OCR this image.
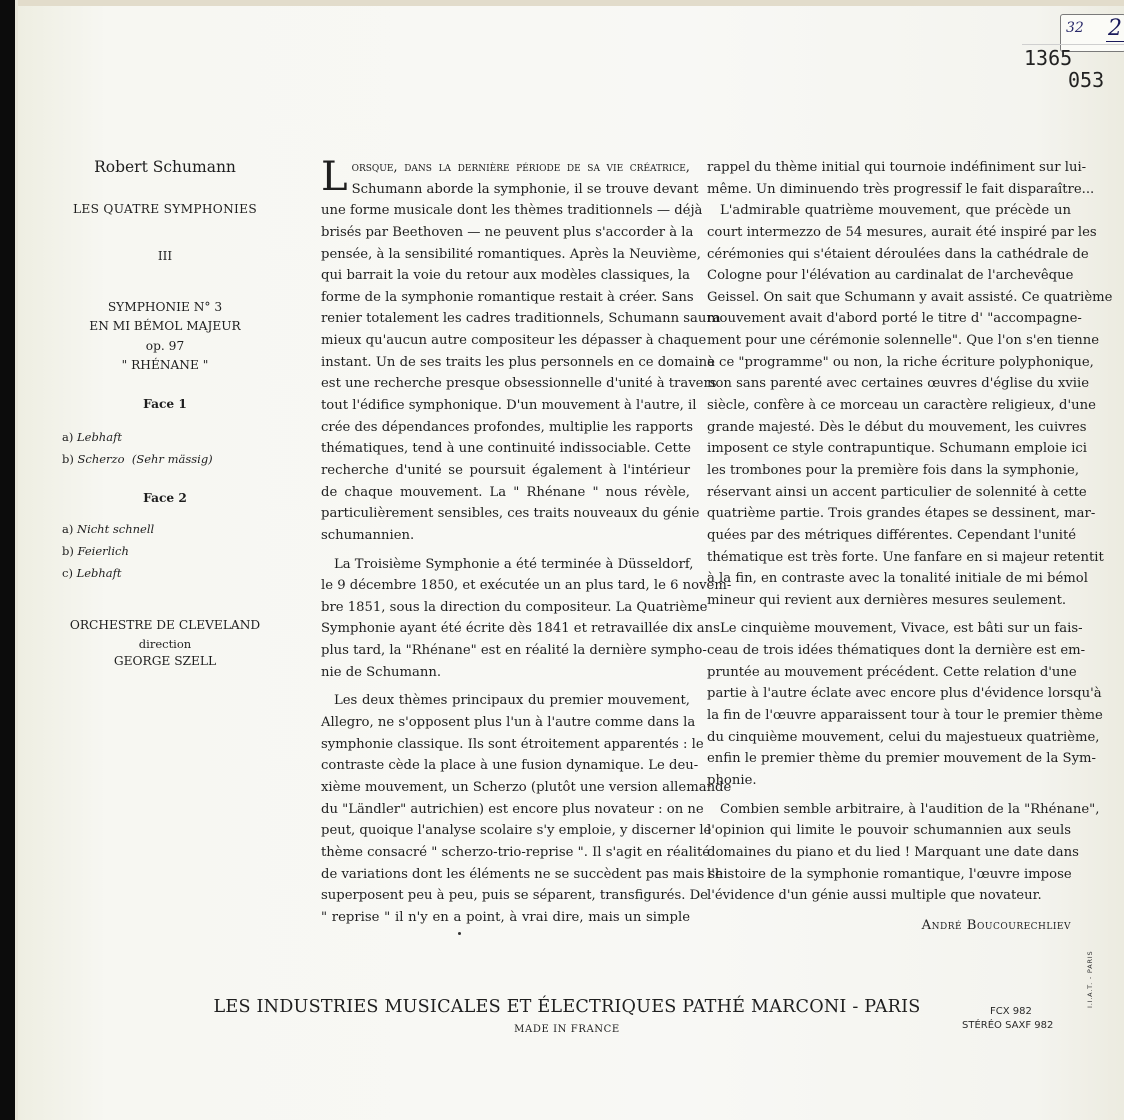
32 2
1365
053
Robert Schumann
LES QUATRE SYMPHONIES
III
SYMPHONIE N° 3
EN MI BÉMOL MAJEUR
op. 97
" RHÉNANE "
Face 1
a) Lebhaft
b) Scherzo (Sehr mässig)
Face 2
a) Nicht schnell
b) Feierlich
c) Lebhaft
ORCHESTRE DE CLEVELAND
direction
GEORGE SZELL
L orsque, dans la dernière période de sa vie créatrice,
Schumann aborde la symphonie, il se trouve devant
une forme musicale dont les thèmes traditionnels — déjà
brisés par Beethoven — ne peuvent plus s'accorder à la
pensée, à la sensibilité romantiques. Après la Neuvième,
qui barrait la voie du retour aux modèles classiques, la
forme de la symphonie romantique restait à créer. Sans
renier totalement les cadres traditionnels, Schumann saura
mieux qu'aucun autre compositeur les dépasser à chaque
instant. Un de ses traits les plus personnels en ce domaine
est une recherche presque obsessionnelle d'unité à travers
tout l'édifice symphonique. D'un mouvement à l'autre, il
crée des dépendances profondes, multiplie les rapports
thématiques, tend à une continuité indissociable. Cette
recherche d'unité se poursuit également à l'intérieur
de chaque mouvement. La " Rhénane " nous révèle,
particulièrement sensibles, ces traits nouveaux du génie
schumannien.
La Troisième Symphonie a été terminée à Düsseldorf,
le 9 décembre 1850, et exécutée un an plus tard, le 6 novem-
bre 1851, sous la direction du compositeur. La Quatrième
Symphonie ayant été écrite dès 1841 et retravaillée dix ans
plus tard, la "Rhénane" est en réalité la dernière sympho-
nie de Schumann.
Les deux thèmes principaux du premier mouvement,
Allegro, ne s'opposent plus l'un à l'autre comme dans la
symphonie classique. Ils sont étroitement apparentés : le
contraste cède la place à une fusion dynamique. Le deu-
xième mouvement, un Scherzo (plutôt une version allemande
du "Ländler" autrichien) est encore plus novateur : on ne
peut, quoique l'analyse scolaire s'y emploie, y discerner le
thème consacré " scherzo-trio-reprise ". Il s'agit en réalité
de variations dont les éléments ne se succèdent pas mais se
superposent peu à peu, puis se séparent, transfigurés. De
" reprise " il n'y en a point, à vrai dire, mais un simple
rappel du thème initial qui tournoie indéfiniment sur lui-
même. Un diminuendo très progressif le fait disparaître...
L'admirable quatrième mouvement, que précède un
court intermezzo de 54 mesures, aurait été inspiré par les
cérémonies qui s'étaient déroulées dans la cathédrale de
Cologne pour l'élévation au cardinalat de l'archevêque
Geissel. On sait que Schumann y avait assisté. Ce quatrième
mouvement avait d'abord porté le titre d' "accompagne-
ment pour une cérémonie solennelle". Que l'on s'en tienne
à ce "programme" ou non, la riche écriture polyphonique,
non sans parenté avec certaines œuvres d'église du xviie
siècle, confère à ce morceau un caractère religieux, d'une
grande majesté. Dès le début du mouvement, les cuivres
imposent ce style contrapuntique. Schumann emploie ici
les trombones pour la première fois dans la symphonie,
réservant ainsi un accent particulier de solennité à cette
quatrième partie. Trois grandes étapes se dessinent, mar-
quées par des métriques différentes. Cependant l'unité
thématique est très forte. Une fanfare en si majeur retentit
à la fin, en contraste avec la tonalité initiale de mi bémol
mineur qui revient aux dernières mesures seulement.
Le cinquième mouvement, Vivace, est bâti sur un fais-
ceau de trois idées thématiques dont la dernière est em-
pruntée au mouvement précédent. Cette relation d'une
partie à l'autre éclate avec encore plus d'évidence lorsqu'à
la fin de l'œuvre apparaissent tour à tour le premier thème
du cinquième mouvement, celui du majestueux quatrième,
enfin le premier thème du premier mouvement de la Sym-
phonie.
Combien semble arbitraire, à l'audition de la "Rhénane",
l'opinion qui limite le pouvoir schumannien aux seuls
domaines du piano et du lied ! Marquant une date dans
l'histoire de la symphonie romantique, l'œuvre impose
l'évidence d'un génie aussi multiple que novateur.
André Boucourechliev
LES INDUSTRIES MUSICALES ET ÉLECTRIQUES PATHÉ MARCONI - PARIS
MADE IN FRANCE
FCX 982
STÉRÉO SAXF 982
I.I.A.T. - PARIS
